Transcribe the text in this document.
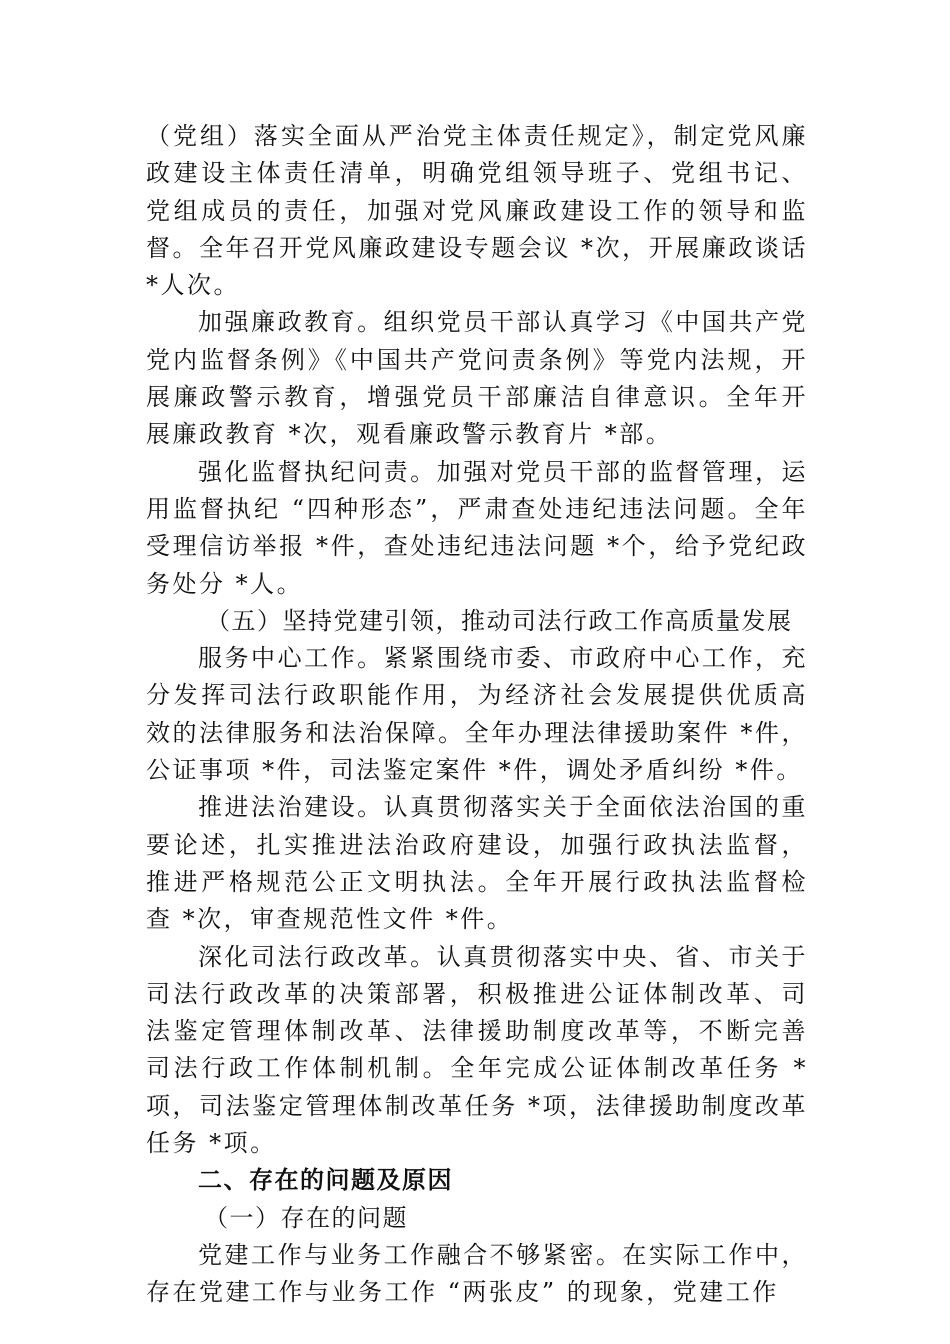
（党组）落实全面从严治党主体责任规定》，制定党风廉政建设主体责任清单，明确党组领导班子、党组书记、党组成员的责任，加强对党风廉政建设工作的领导和监督。全年召开党风廉政建设专题会议 *次，开展廉政谈话 *人次。

加强廉政教育。组织党员干部认真学习《中国共产党党内监督条例》《中国共产党问责条例》等党内法规，开展廉政警示教育，增强党员干部廉洁自律意识。全年开展廉政教育 *次，观看廉政警示教育片 *部。

强化监督执纪问责。加强对党员干部的监督管理，运用监督执纪 “四种形态”，严肃查处违纪违法问题。全年受理信访举报 *件，查处违纪违法问题 *个，给予党纪政务处分 *人。

（五）坚持党建引领，推动司法行政工作高质量发展

服务中心工作。紧紧围绕市委、市政府中心工作，充分发挥司法行政职能作用，为经济社会发展提供优质高效的法律服务和法治保障。全年办理法律援助案件 *件，公证事项 *件，司法鉴定案件 *件，调处矛盾纠纷 *件。

推进法治建设。认真贯彻落实关于全面依法治国的重要论述，扎实推进法治政府建设，加强行政执法监督，推进严格规范公正文明执法。全年开展行政执法监督检查 *次，审查规范性文件 *件。

深化司法行政改革。认真贯彻落实中央、省、市关于司法行政改革的决策部署，积极推进公证体制改革、司法鉴定管理体制改革、法律援助制度改革等，不断完善司法行政工作体制机制。全年完成公证体制改革任务 *项，司法鉴定管理体制改革任务 *项，法律援助制度改革任务 *项。

二、存在的问题及原因

（一）存在的问题

党建工作与业务工作融合不够紧密。在实际工作中，存在党建工作与业务工作 “两张皮” 的现象，党建工作
